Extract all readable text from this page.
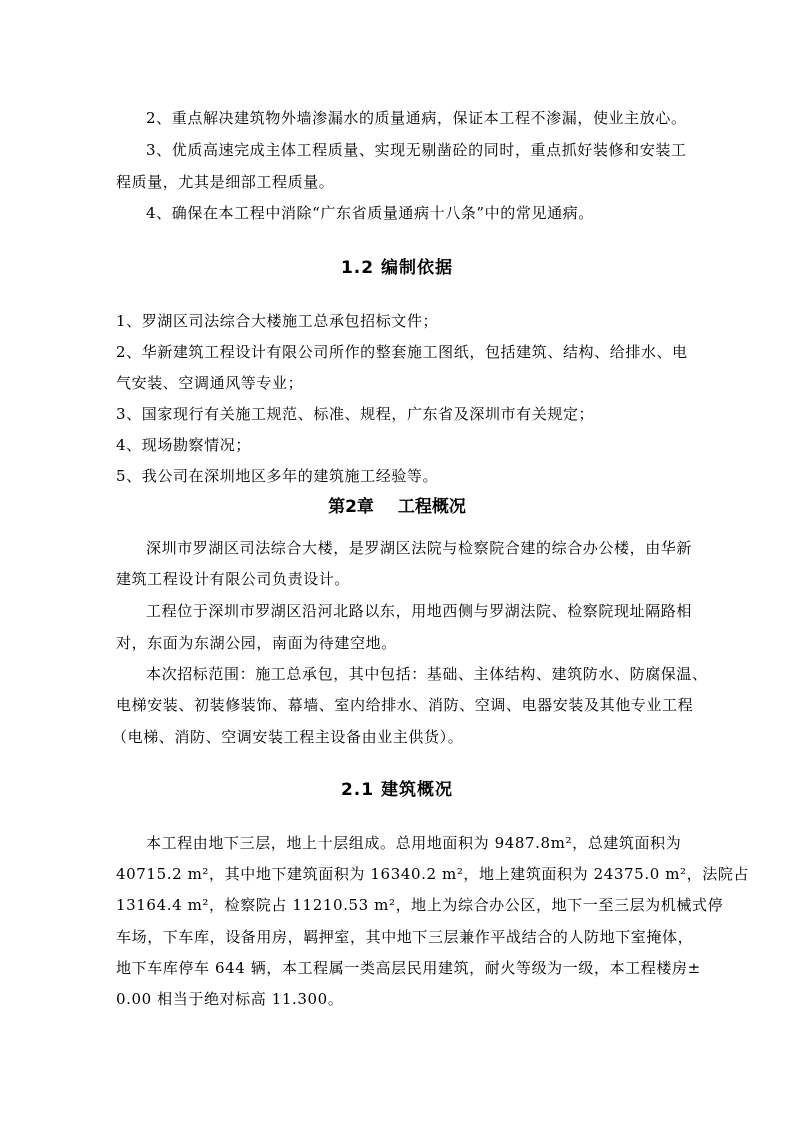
2、重点解决建筑物外墙渗漏水的质量通病，保证本工程不渗漏，使业主放心。
3、优质高速完成主体工程质量、实现无剔凿砼的同时，重点抓好装修和安装工
程质量，尤其是细部工程质量。
4、确保在本工程中消除“广东省质量通病十八条”中的常见通病。
1.2 编制依据
1、罗湖区司法综合大楼施工总承包招标文件；
2、华新建筑工程设计有限公司所作的整套施工图纸，包括建筑、结构、给排水、电
气安装、空调通风等专业；
3、国家现行有关施工规范、标准、规程，广东省及深圳市有关规定；
4、现场勘察情况；
5、我公司在深圳地区多年的建筑施工经验等。
第2章 工程概况
深圳市罗湖区司法综合大楼，是罗湖区法院与检察院合建的综合办公楼，由华新
建筑工程设计有限公司负责设计。
工程位于深圳市罗湖区沿河北路以东，用地西侧与罗湖法院、检察院现址隔路相
对，东面为东湖公园，南面为待建空地。
本次招标范围：施工总承包，其中包括：基础、主体结构、建筑防水、防腐保温、
电梯安装、初装修装饰、幕墙、室内给排水、消防、空调、电器安装及其他专业工程
（电梯、消防、空调安装工程主设备由业主供货）。
2.1 建筑概况
本工程由地下三层，地上十层组成。总用地面积为 9487.8m²，总建筑面积为
40715.2 m²，其中地下建筑面积为 16340.2 m²，地上建筑面积为 24375.0 m²，法院占
13164.4 m²，检察院占 11210.53 m²，地上为综合办公区，地下一至三层为机械式停
车场，下车库，设备用房，羁押室，其中地下三层兼作平战结合的人防地下室掩体，
地下车库停车 644 辆，本工程属一类高层民用建筑，耐火等级为一级，本工程楼房±
0.00 相当于绝对标高 11.300。
